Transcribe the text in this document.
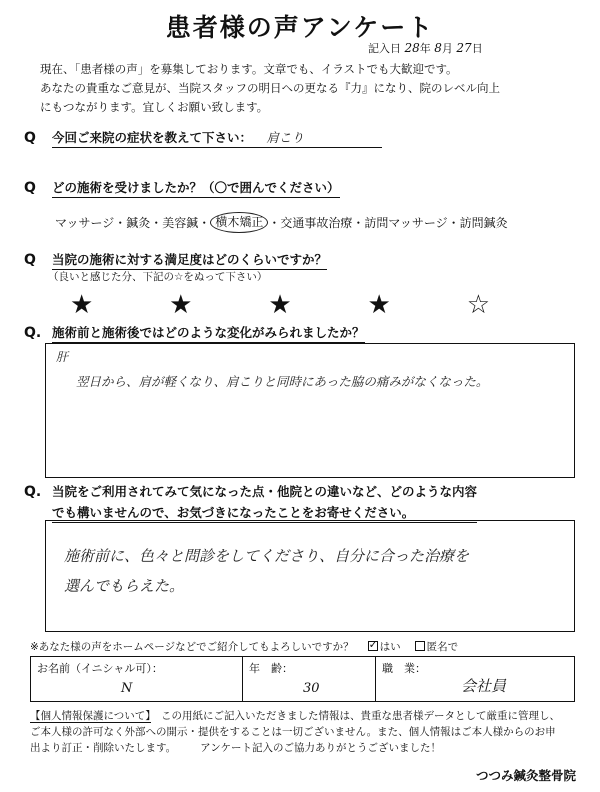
患者様の声アンケート
記入日 28年 8月 27日
現在、「患者様の声」を募集しております。文章でも、イラストでも大歓迎です。
あなたの貴重なご意見が、当院スタッフの明日への更なる『力』になり、院のレベル向上
にもつながります。宜しくお願い致します。
Q	今回ご来院の症状を教えて下さい： 肩こり
Q	どの施術を受けましたか？（〇で囲んでください）
マッサージ・ 鍼灸・ 美容鍼・ 横木矯正 ・交通事故治療・ 訪問マッサージ・ 訪問鍼灸
Q	当院の施術に対する満足度はどのくらいですか？
（良いと感じた分、下記の☆をぬって下さい）
★	★	★	★	☆
Q. 施術前と施術後ではどのような変化がみられましたか？
肝
翌日から、肩が軽くなり、肩こりと同時にあった脇の痛みがなくなった。
Q. 当院をご利用されてみて気になった点・他院との違いなど、どのような内容
でも構いませんので、お気づきになったことをお寄せください。
施術前に、色々と問診をしてくださり、自分に合った治療を
選んでもらえた。
※あなた様の声をホームページなどでご紹介してもよろしいですか？
✓	はい	匿名で
お名前（イニシャル可）：
N
年　齢：
30
職　業：
会社員
【個人情報保護について】　 この用紙にご記入いただきました情報は、貴重な患者様データとして厳重に管理し、
ご本人様の許可なく外部への開示・提供をすることは一切ございません。また、個人情報はご本人様からのお申
出より訂正・削除いたします。 アンケート記入のご協力ありがとうございました！
つつみ鍼灸整骨院
